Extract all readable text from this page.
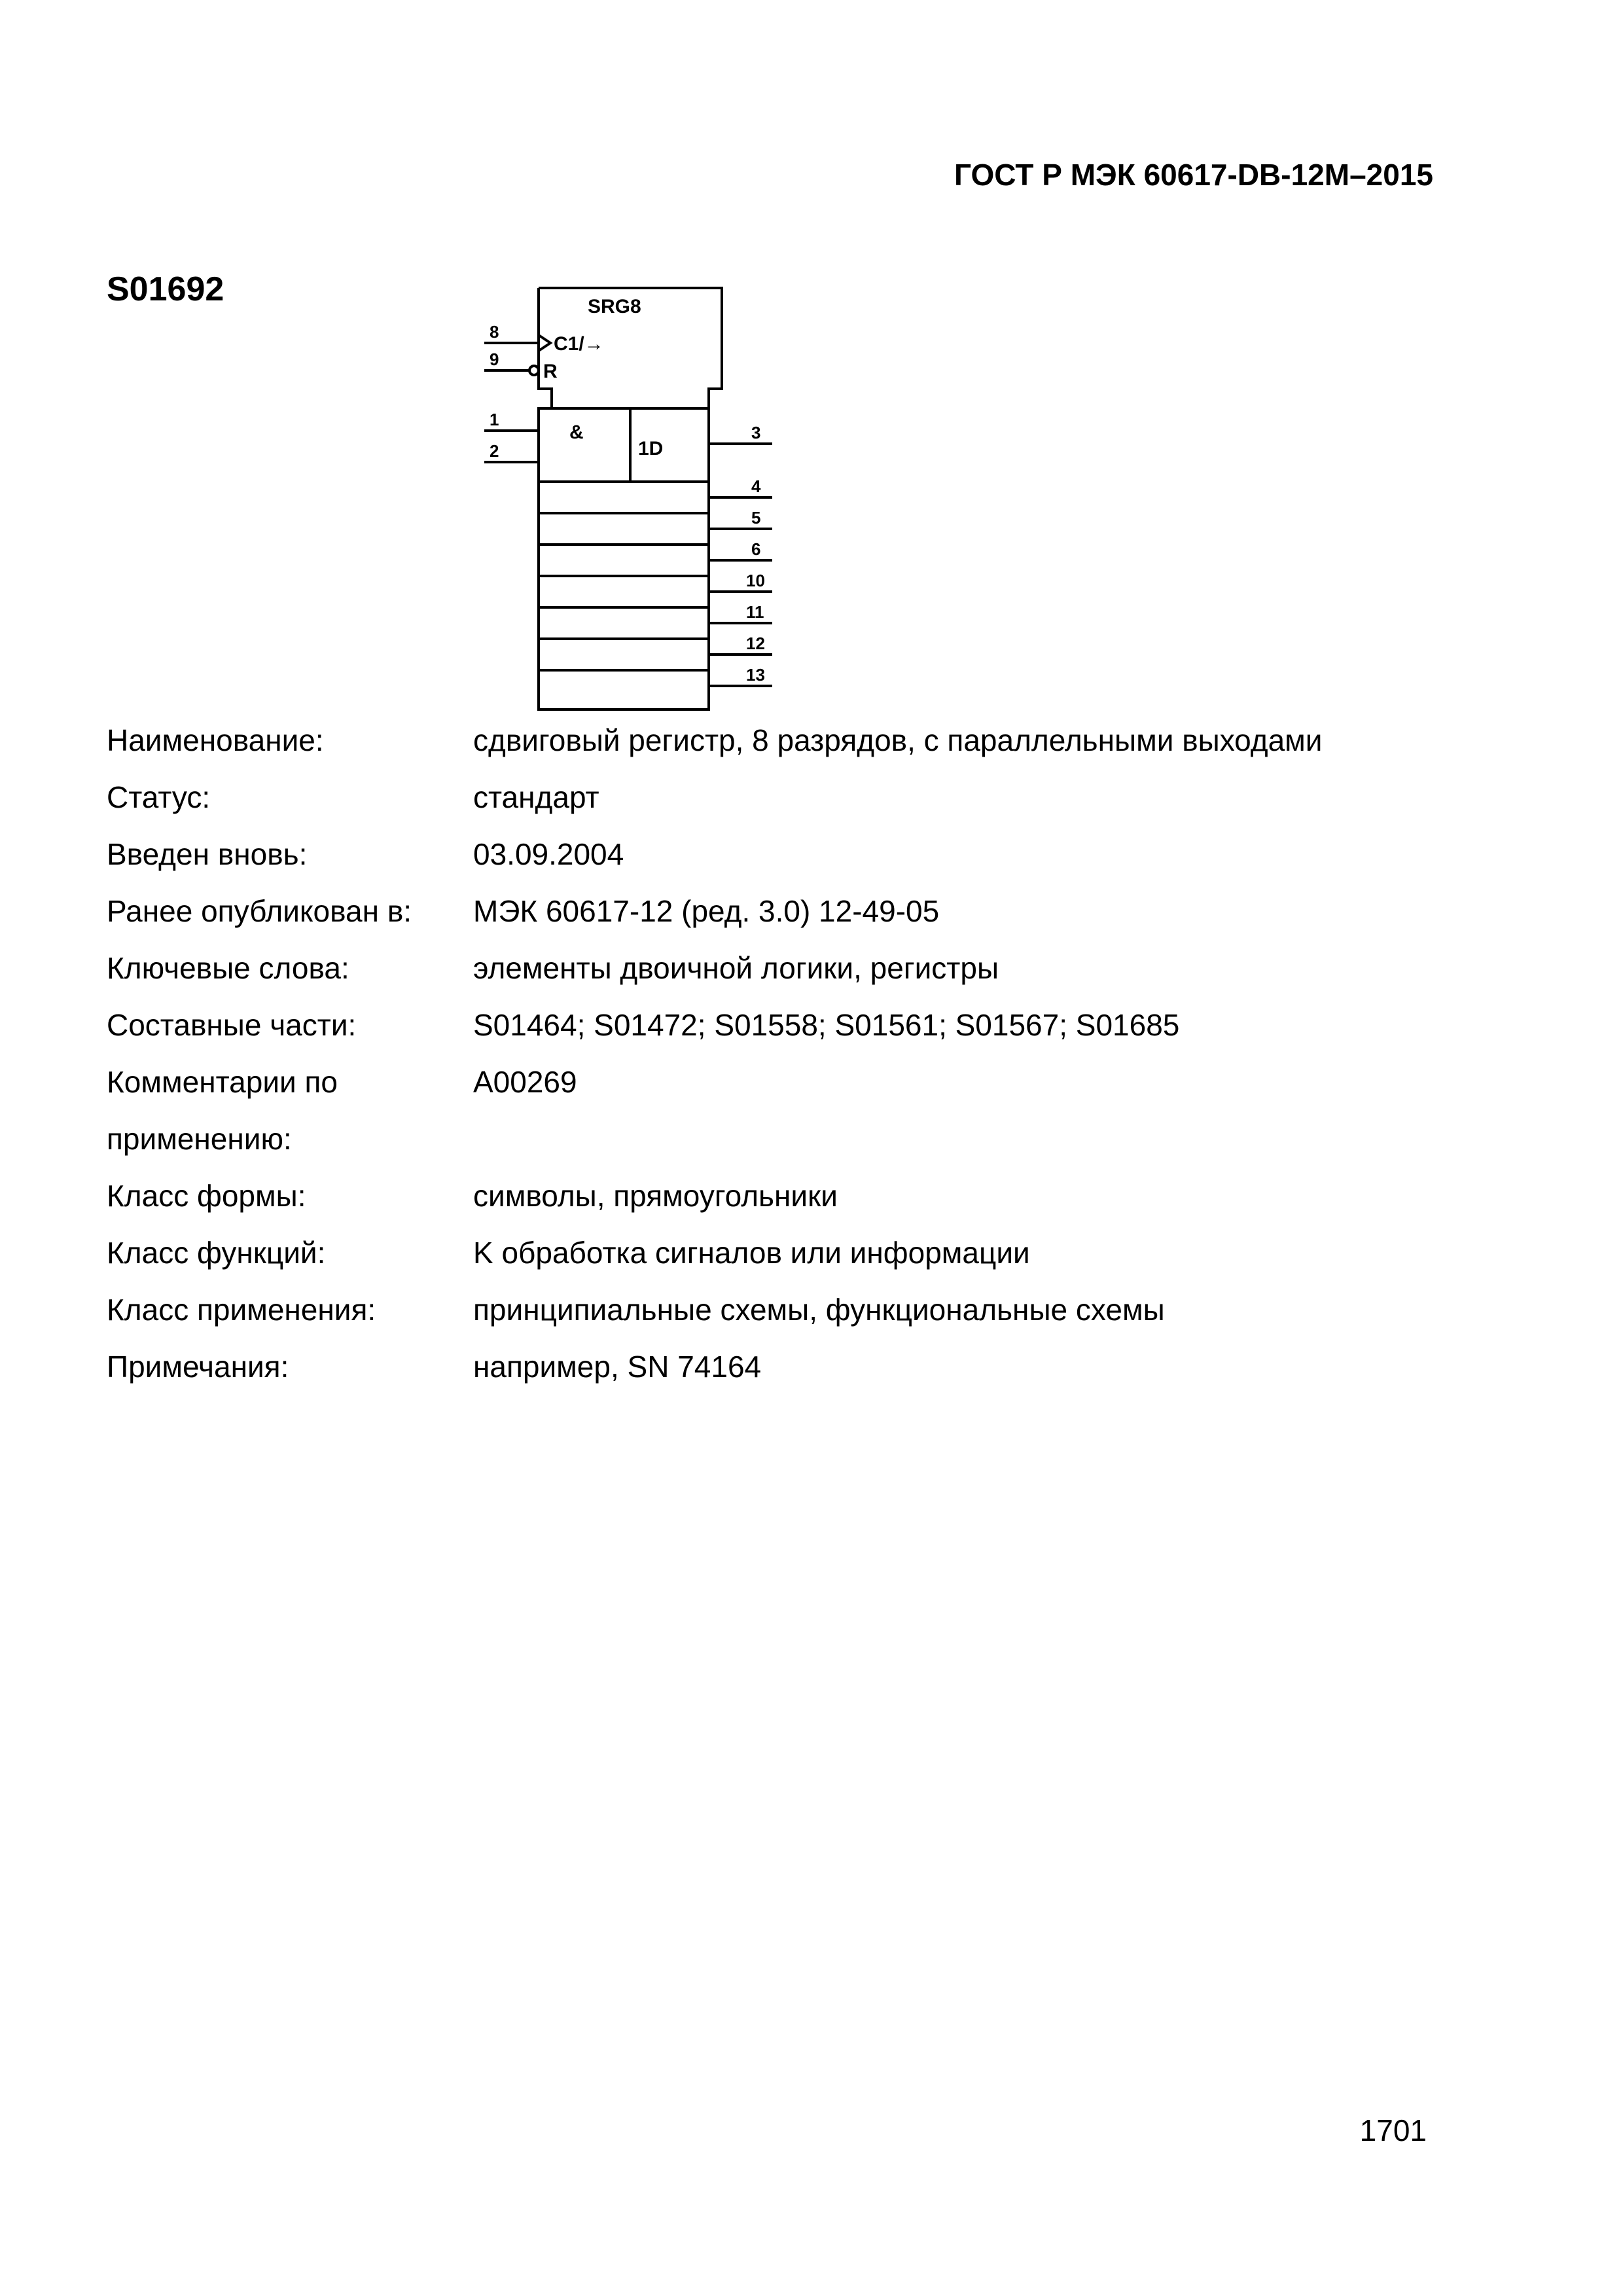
ГОСТ Р МЭК 60617-DB-12М–2015
S01692	SRG8
C1/→
R
&
1D
8
9
1
2
3
4
5
6
10
11
12
13
Наименование:	сдвиговый регистр, 8 разрядов, с параллельными выходами
Статус:	стандарт
Введен вновь:	03.09.2004
Ранее опубликован в:	МЭК 60617-12 (ред. 3.0) 12-49-05
Ключевые слова:	элементы двоичной логики, регистры
Составные части:	S01464; S01472; S01558; S01561; S01567; S01685
Комментарии по	A00269
применению:
Класс формы:	символы, прямоугольники
Класс функций:	K обработка сигналов или информации
Класс применения:	принципиальные схемы, функциональные схемы
Примечания:	например, SN 74164
1701
